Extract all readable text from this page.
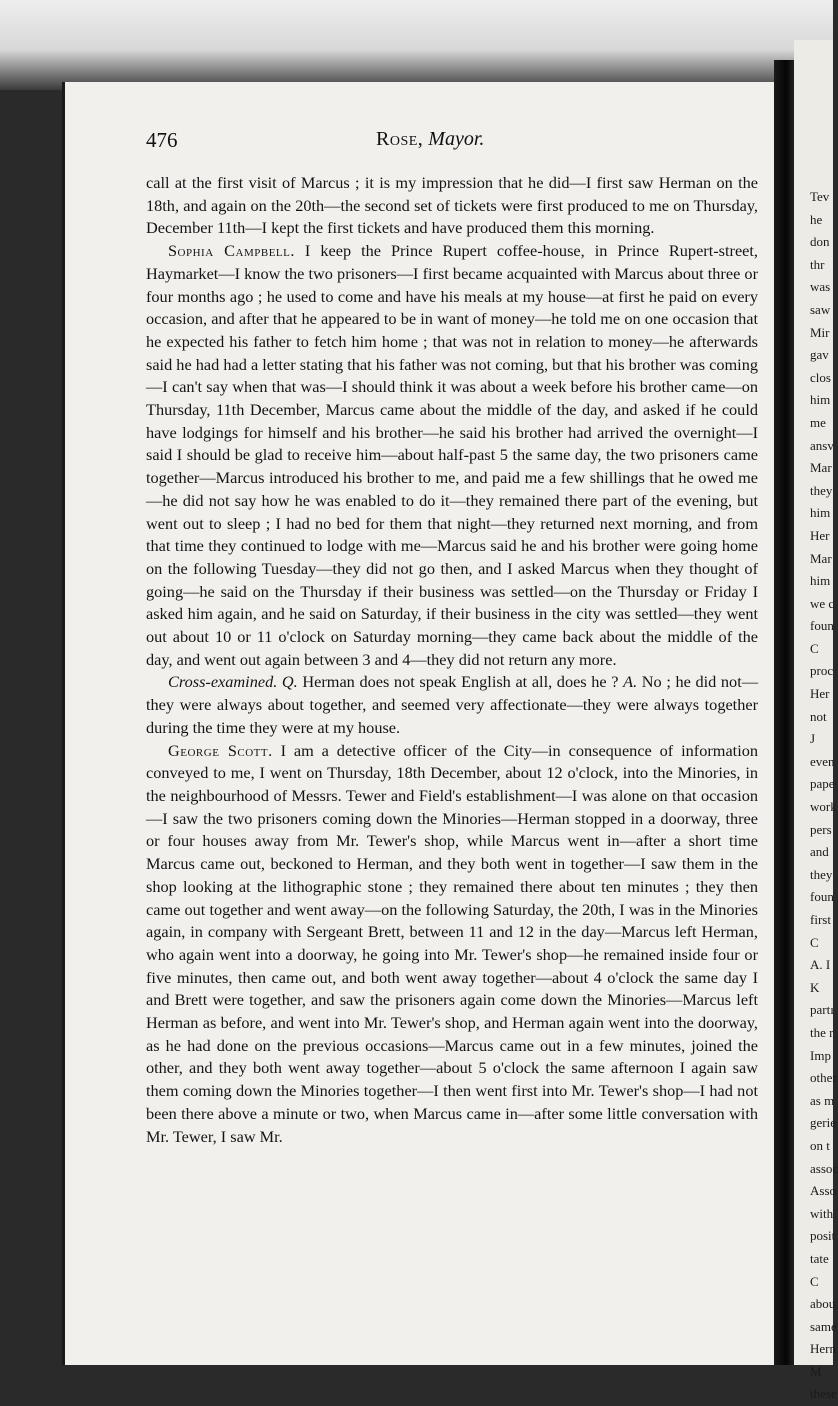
476	Rose, Mayor.

call at the first visit of Marcus ; it is my impression that he did—I first saw Herman on the 18th, and again on the 20th—the second set of tickets were first produced to me on Thursday, December 11th—I kept the first tickets and have produced them this morning.

Sophia Campbell. I keep the Prince Rupert coffee-house, in Prince Rupert-street, Haymarket—I know the two prisoners—I first became acquainted with Marcus about three or four months ago ; he used to come and have his meals at my house—at first he paid on every occasion, and after that he appeared to be in want of money—he told me on one occasion that he expected his father to fetch him home ; that was not in relation to money—he afterwards said he had had a letter stating that his father was not coming, but that his brother was coming—I can't say when that was—I should think it was about a week before his brother came—on Thursday, 11th December, Marcus came about the middle of the day, and asked if he could have lodgings for himself and his brother—he said his brother had arrived the overnight—I said I should be glad to receive him—about half-past 5 the same day, the two prisoners came together—Marcus introduced his brother to me, and paid me a few shillings that he owed me—he did not say how he was enabled to do it—they remained there part of the evening, but went out to sleep ; I had no bed for them that night—they returned next morning, and from that time they continued to lodge with me—Marcus said he and his brother were going home on the following Tuesday—they did not go then, and I asked Marcus when they thought of going—he said on the Thursday if their business was settled—on the Thursday or Friday I asked him again, and he said on Saturday, if their business in the city was settled—they went out about 10 or 11 o'clock on Saturday morning—they came back about the middle of the day, and went out again between 3 and 4—they did not return any more.

Cross-examined. Q. Herman does not speak English at all, does he ? A. No ; he did not—they were always about together, and seemed very affectionate—they were always together during the time they were at my house.

George Scott. I am a detective officer of the City—in consequence of information conveyed to me, I went on Thursday, 18th December, about 12 o'clock, into the Minories, in the neighbourhood of Messrs. Tewer and Field's establishment—I was alone on that occasion—I saw the two prisoners coming down the Minories—Herman stopped in a doorway, three or four houses away from Mr. Tewer's shop, while Marcus went in—after a short time Marcus came out, beckoned to Herman, and they both went in together—I saw them in the shop looking at the lithographic stone ; they remained there about ten minutes ; they then came out together and went away—on the following Saturday, the 20th, I was in the Minories again, in company with Sergeant Brett, between 11 and 12 in the day—Marcus left Herman, who again went into a doorway, he going into Mr. Tewer's shop—he remained inside four or five minutes, then came out, and both went away together—about 4 o'clock the same day I and Brett were together, and saw the prisoners again come down the Minories—Marcus left Herman as before, and went into Mr. Tewer's shop, and Herman again went into the doorway, as he had done on the previous occasions—Marcus came out in a few minutes, joined the other, and they both went away together—about 5 o'clock the same afternoon I again saw them coming down the Minories together—I then went first into Mr. Tewer's shop—I had not been there above a minute or two, when Marcus came in—after some little conversation with Mr. Tewer, I saw Mr.

Tev
he
don
thr
was
saw
Mir
gav
clos
him
me
ansv
Mar
they
him
Her
Mar
him
we c
foun
C
proc
Her
not
J
even
pape
work
pers
and
they
foun
first
C
A. I
K
partı
the r
Imp
other
as m
gerie
on t
assoc
Asso
with
posit
tate
C
abou
same
Hern
M
these
